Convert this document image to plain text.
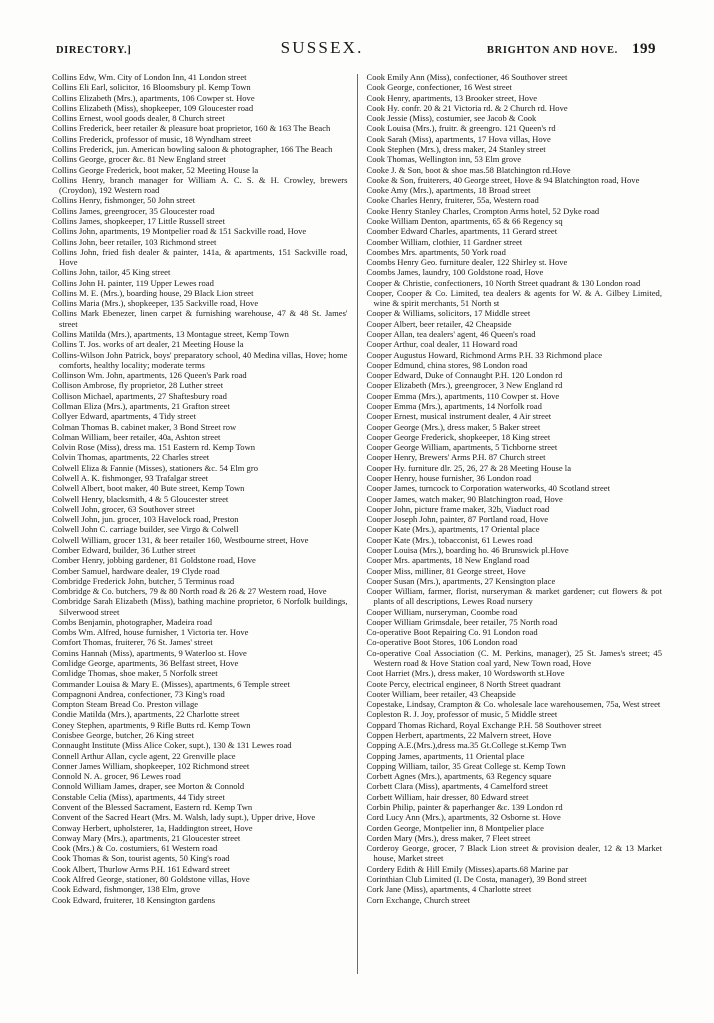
DIRECTORY.]	SUSSEX.	BRIGHTON AND HOVE. 199

Collins Edw, Wm. City of London Inn, 41 London street

Collins Eli Earl, solicitor, 16 Bloomsbury pl. Kemp Town

Collins Elizabeth (Mrs.), apartments, 106 Cowper st. Hove

Collins Elizabeth (Miss), shopkeeper, 109 Gloucester road

Collins Ernest, wool goods dealer, 8 Church street

Collins Frederick, beer retailer & pleasure boat proprietor, 160 & 163 The Beach

Collins Frederick, professor of music, 18 Wyndham street

Collins Frederick, jun. American bowling saloon & photographer, 166 The Beach

Collins George, grocer &c. 81 New England street

Collins George Frederick, boot maker, 52 Meeting House la

Collins Henry, branch manager for William A. C. S. & H. Crowley, brewers (Croydon), 192 Western road

Collins Henry, fishmonger, 50 John street

Collins James, greengrocer, 35 Gloucester road

Collins James, shopkeeper, 17 Little Russell street

Collins John, apartments, 19 Montpelier road & 151 Sackville road, Hove

Collins John, beer retailer, 103 Richmond street

Collins John, fried fish dealer & painter, 141a, & apartments, 151 Sackville road, Hove

Collins John, tailor, 45 King street

Collins John H. painter, 119 Upper Lewes road

Collins M. E. (Mrs.), boarding house, 29 Black Lion street

Collins Maria (Mrs.), shopkeeper, 135 Sackville road, Hove

Collins Mark Ebenezer, linen carpet & furnishing warehouse, 47 & 48 St. James' street

Collins Matilda (Mrs.), apartments, 13 Montague street, Kemp Town

Collins T. Jos. works of art dealer, 21 Meeting House la

Collins-Wilson John Patrick, boys' preparatory school, 40 Medina villas, Hove; home comforts, healthy locality; moderate terms

Collinson Wm. John, apartments, 126 Queen's Park road

Collison Ambrose, fly proprietor, 28 Luther street

Collison Michael, apartments, 27 Shaftesbury road

Collman Eliza (Mrs.), apartments, 21 Grafton street

Collyer Edward, apartments, 4 Tidy street

Colman Thomas B. cabinet maker, 3 Bond Street row

Colman William, beer retailer, 40a, Ashton street

Colvin Rose (Miss), dress ma. 151 Eastern rd. Kemp Town

Colvin Thomas, apartments, 22 Charles street

Colwell Eliza & Fannie (Misses), stationers &c. 54 Elm gro

Colwell A. K. fishmonger, 93 Trafalgar street

Colwell Albert, boot maker, 40 Bute street, Kemp Town

Colwell Henry, blacksmith, 4 & 5 Gloucester street

Colwell John, grocer, 63 Southover street

Colwell John, jun. grocer, 103 Havelock road, Preston

Colwell John C. carriage builder, see Virgo & Colwell

Colwell William, grocer 131, & beer retailer 160, Westbourne street, Hove

Comber Edward, builder, 36 Luther street

Comber Henry, jobbing gardener, 81 Goldstone road, Hove

Comber Samuel, hardware dealer, 19 Clyde road

Combridge Frederick John, butcher, 5 Terminus road

Combridge & Co. butchers, 79 & 80 North road & 26 & 27 Western road, Hove

Combridge Sarah Elizabeth (Miss), bathing machine proprietor, 6 Norfolk buildings, Silverwood street

Combs Benjamin, photographer, Madeira road

Combs Wm. Alfred, house furnisher, 1 Victoria ter. Hove

Comfort Thomas, fruiterer, 76 St. James' street

Comins Hannah (Miss), apartments, 9 Waterloo st. Hove

Comlidge George, apartments, 36 Belfast street, Hove

Comlidge Thomas, shoe maker, 5 Norfolk street

Commander Louisa & Mary E. (Misses), apartments, 6 Temple street

Compagnoni Andrea, confectioner, 73 King's road

Compton Steam Bread Co. Preston village

Condie Matilda (Mrs.), apartments, 22 Charlotte street

Coney Stephen, apartments, 9 Rifle Butts rd. Kemp Town

Conisbee George, butcher, 26 King street

Connaught Institute (Miss Alice Coker, supt.), 130 & 131 Lewes road

Connell Arthur Allan, cycle agent, 22 Grenville place

Conner James William, shopkeeper, 102 Richmond street

Connold N. A. grocer, 96 Lewes road

Connold William James, draper, see Morton & Connold

Constable Celia (Miss), apartments, 44 Tidy street

Convent of the Blessed Sacrament, Eastern rd. Kemp Twn

Convent of the Sacred Heart (Mrs. M. Walsh, lady supt.), Upper drive, Hove

Conway Herbert, upholsterer, 1a, Haddington street, Hove

Conway Mary (Mrs.), apartments, 21 Gloucester street

Cook (Mrs.) & Co. costumiers, 61 Western road

Cook Thomas & Son, tourist agents, 50 King's road

Cook Albert, Thurlow Arms P.H. 161 Edward street

Cook Alfred George, stationer, 80 Goldstone villas, Hove

Cook Edward, fishmonger, 138 Elm, grove

Cook Edward, fruiterer, 18 Kensington gardens

Cook Emily Ann (Miss), confectioner, 46 Southover street

Cook George, confectioner, 16 West street

Cook Henry, apartments, 13 Brooker street, Hove

Cook Hy. confr. 20 & 21 Victoria rd. & 2 Church rd. Hove

Cook Jessie (Miss), costumier, see Jacob & Cook

Cook Louisa (Mrs.), fruitr. & greengro. 121 Queen's rd

Cook Sarah (Miss), apartments, 17 Hova villas, Hove

Cook Stephen (Mrs.), dress maker, 24 Stanley street

Cook Thomas, Wellington inn, 53 Elm grove

Cooke J. & Son, boot & shoe mas.58 Blatchington rd.Hove

Cooke & Son, fruiterers, 40 George street, Hove & 94 Blatchington road, Hove

Cooke Amy (Mrs.), apartments, 18 Broad street

Cooke Charles Henry, fruiterer, 55a, Western road

Cooke Henry Stanley Charles, Crompton Arms hotel, 52 Dyke road

Cooke William Denton, apartments, 65 & 66 Regency sq

Coomber Edward Charles, apartments, 11 Gerard street

Coomber William, clothier, 11 Gardner street

Coombes Mrs. apartments, 50 York road

Coombs Henry Geo. furniture dealer, 122 Shirley st. Hove

Coombs James, laundry, 100 Goldstone road, Hove

Cooper & Christie, confectioners, 10 North Street quadrant & 130 London road

Cooper, Cooper & Co. Limited, tea dealers & agents for W. & A. Gilbey Limited, wine & spirit merchants, 51 North st

Cooper & Williams, solicitors, 17 Middle street

Cooper Albert, beer retailer, 42 Cheapside

Cooper Allan, tea dealers' agent, 46 Queen's road

Cooper Arthur, coal dealer, 11 Howard road

Cooper Augustus Howard, Richmond Arms P.H. 33 Richmond place

Cooper Edmund, china stores, 98 London road

Cooper Edward, Duke of Connaught P.H. 120 London rd

Cooper Elizabeth (Mrs.), greengrocer, 3 New England rd

Cooper Emma (Mrs.), apartments, 110 Cowper st. Hove

Cooper Emma (Mrs.), apartments, 14 Norfolk road

Cooper Ernest, musical instrument dealer, 4 Air street

Cooper George (Mrs.), dress maker, 5 Baker street

Cooper George Frederick, shopkeeper, 18 King street

Cooper George William, apartments, 5 Tichborne street

Cooper Henry, Brewers' Arms P.H. 87 Church street

Cooper Hy. furniture dlr. 25, 26, 27 & 28 Meeting House la

Cooper Henry, house furnisher, 36 London road

Cooper James, turncock to Corporation waterworks, 40 Scotland street

Cooper James, watch maker, 90 Blatchington road, Hove

Cooper John, picture frame maker, 32b, Viaduct road

Cooper Joseph John, painter, 87 Portland road, Hove

Cooper Kate (Mrs.), apartments, 17 Oriental place

Cooper Kate (Mrs.), tobacconist, 61 Lewes road

Cooper Louisa (Mrs.), boarding ho. 46 Brunswick pl.Hove

Cooper Mrs. apartments, 18 New England road

Cooper Miss, milliner, 81 George street, Hove

Cooper Susan (Mrs.), apartments, 27 Kensington place

Cooper William, farmer, florist, nurseryman & market gardener; cut flowers & pot plants of all descriptions, Lewes Road nursery

Cooper William, nurseryman, Coombe road

Cooper William Grimsdale, beer retailer, 75 North road

Co-operative Boot Repairing Co. 91 London road

Co-operative Boot Stores, 106 London road

Co-operative Coal Association (C. M. Perkins, manager), 25 St. James's street; 45 Western road & Hove Station coal yard, New Town road, Hove

Coot Harriet (Mrs.), dress maker, 10 Wordsworth st.Hove

Coote Percy, electrical engineer, 8 North Street quadrant

Cooter William, beer retailer, 43 Cheapside

Copestake, Lindsay, Crampton & Co. wholesale lace warehousemen, 75a, West street

Copleston R. J. Joy, professor of music, 5 Middle street

Coppard Thomas Richard, Royal Exchange P.H. 58 Southover street

Coppen Herbert, apartments, 22 Malvern street, Hove

Copping A.E.(Mrs.),dress ma.35 Gt.College st.Kemp Twn

Copping James, apartments, 11 Oriental place

Copping William, tailor, 35 Great College st. Kemp Town

Corbett Agnes (Mrs.), apartments, 63 Regency square

Corbett Clara (Miss), apartments, 4 Camelford street

Corbett William, hair dresser, 80 Edward street

Corbin Philip, painter & paperhanger &c. 139 London rd

Cord Lucy Ann (Mrs.), apartments, 32 Osborne st. Hove

Corden George, Montpelier inn, 8 Montpelier place

Corden Mary (Mrs.), dress maker, 7 Fleet street

Corderoy George, grocer, 7 Black Lion street & provision dealer, 12 & 13 Market house, Market street

Cordery Edith & Hill Emily (Misses).aparts.68 Marine par

Corinthian Club Limited (I. De Costa, manager), 39 Bond street

Cork Jane (Miss), apartments, 4 Charlotte street

Corn Exchange, Church street
